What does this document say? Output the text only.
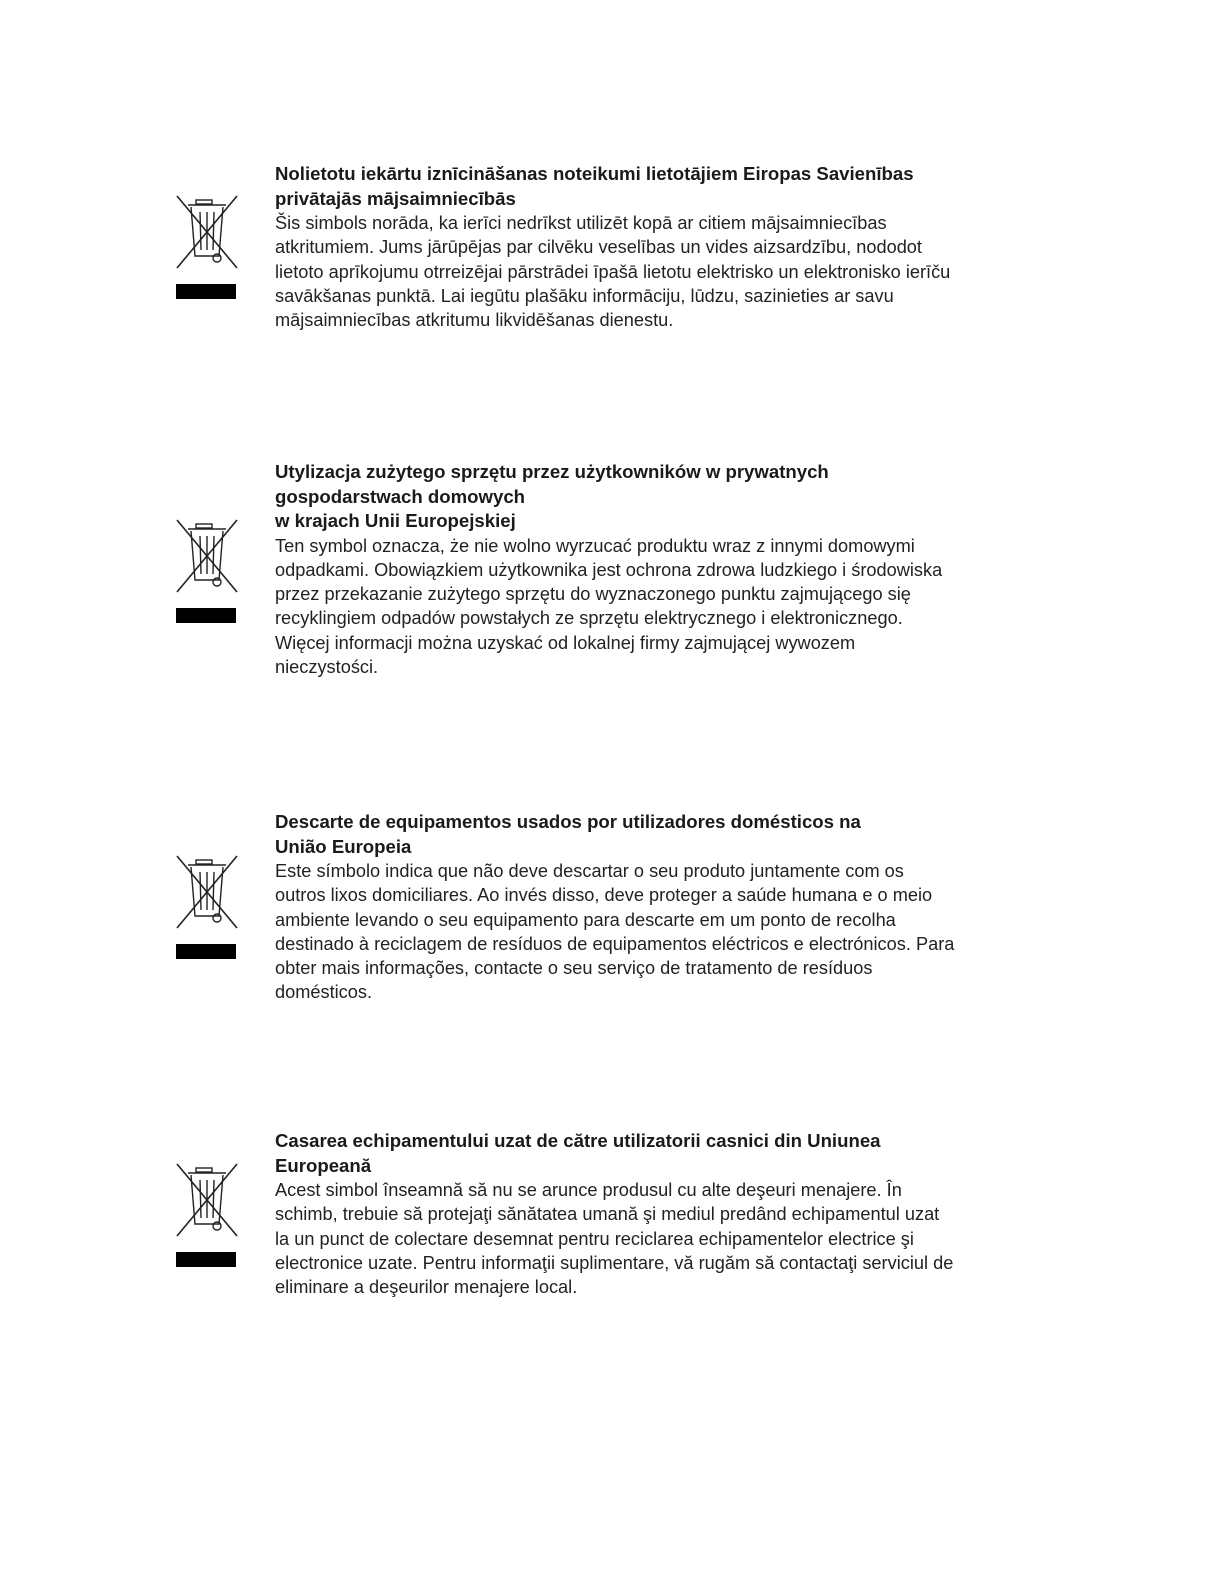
Nolietotu iekārtu iznīcināšanas noteikumi lietotājiem Eiropas Savienības
privātajās mājsaimniecībās

Šis simbols norāda, ka ierīci nedrīkst utilizēt kopā ar citiem mājsaimniecības atkritumiem. Jums jārūpējas par cilvēku veselības un vides aizsardzību, nododot lietoto aprīkojumu otrreizējai pārstrādei īpašā lietotu elektrisko un elektronisko ierīču savākšanas punktā. Lai iegūtu plašāku informāciju, lūdzu, sazinieties ar savu mājsaimniecības atkritumu likvidēšanas dienestu.

Utylizacja zużytego sprzętu przez użytkowników w prywatnych
gospodarstwach domowych
w krajach Unii Europejskiej

Ten symbol oznacza, że nie wolno wyrzucać produktu wraz z innymi domowymi odpadkami. Obowiązkiem użytkownika jest ochrona zdrowa ludzkiego i środowiska przez przekazanie zużytego sprzętu do wyznaczonego punktu zajmującego się recyklingiem odpadów powstałych ze sprzętu elektrycznego i elektronicznego. Więcej informacji można uzyskać od lokalnej firmy zajmującej wywozem nieczystości.

Descarte de equipamentos usados por utilizadores domésticos na
União Europeia

Este símbolo indica que não deve descartar o seu produto juntamente com os outros lixos domiciliares. Ao invés disso, deve proteger a saúde humana e o meio ambiente levando o seu equipamento para descarte em um ponto de recolha destinado à reciclagem de resíduos de equipamentos eléctricos e electrónicos. Para obter mais informações, contacte o seu serviço de tratamento de resíduos domésticos.

Casarea echipamentului uzat de către utilizatorii casnici din Uniunea
Europeană

Acest simbol înseamnă să nu se arunce produsul cu alte deşeuri menajere. În schimb, trebuie să protejaţi sănătatea umană şi mediul predând echipamentul uzat la un punct de colectare desemnat pentru reciclarea echipamentelor electrice şi electronice uzate. Pentru informaţii suplimentare, vă rugăm să contactaţi serviciul de eliminare a deşeurilor menajere local.
